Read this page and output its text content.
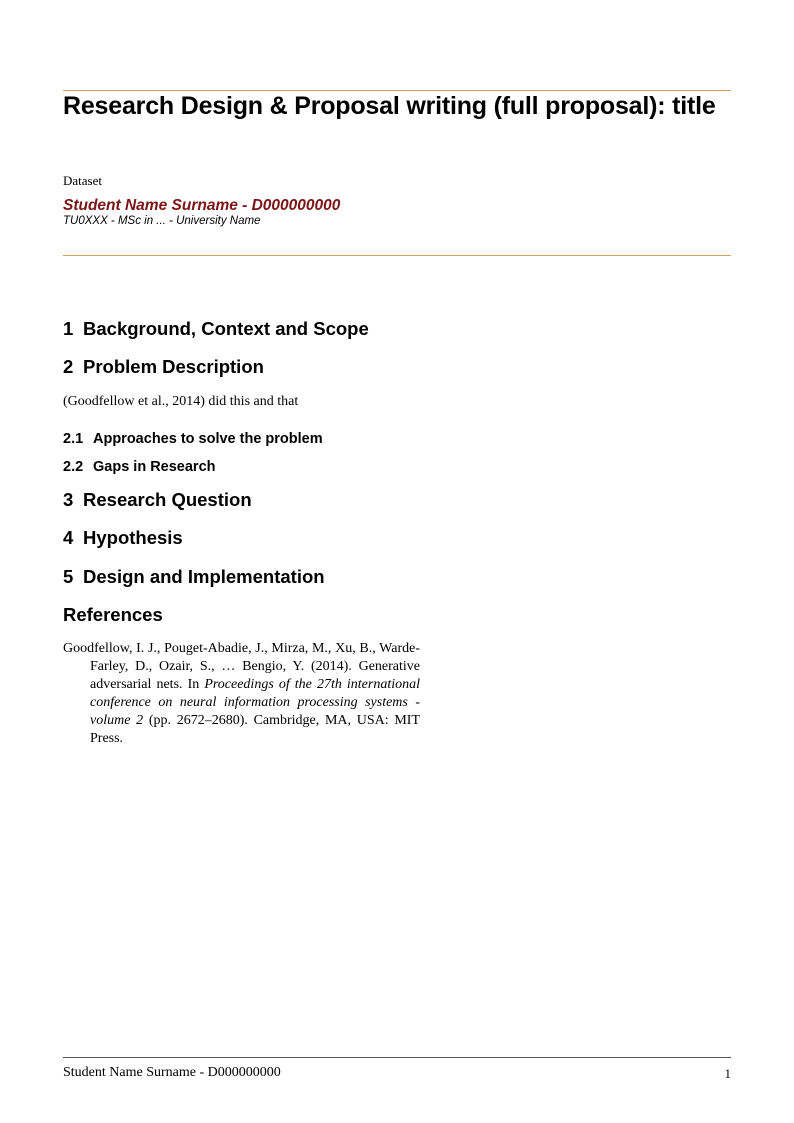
Research Design & Proposal writing (full proposal): title
Dataset
Student Name Surname - D000000000
TU0XXX - MSc in ... - University Name
1 Background, Context and Scope
2 Problem Description
(Goodfellow et al., 2014) did this and that
2.1 Approaches to solve the problem
2.2 Gaps in Research
3 Research Question
4 Hypothesis
5 Design and Implementation
References
Goodfellow, I. J., Pouget-Abadie, J., Mirza, M., Xu, B., Warde-Farley, D., Ozair, S., … Bengio, Y. (2014). Generative adversarial nets. In Proceedings of the 27th international conference on neural information processing systems - volume 2 (pp. 2672–2680). Cambridge, MA, USA: MIT Press.
Student Name Surname - D000000000	1
